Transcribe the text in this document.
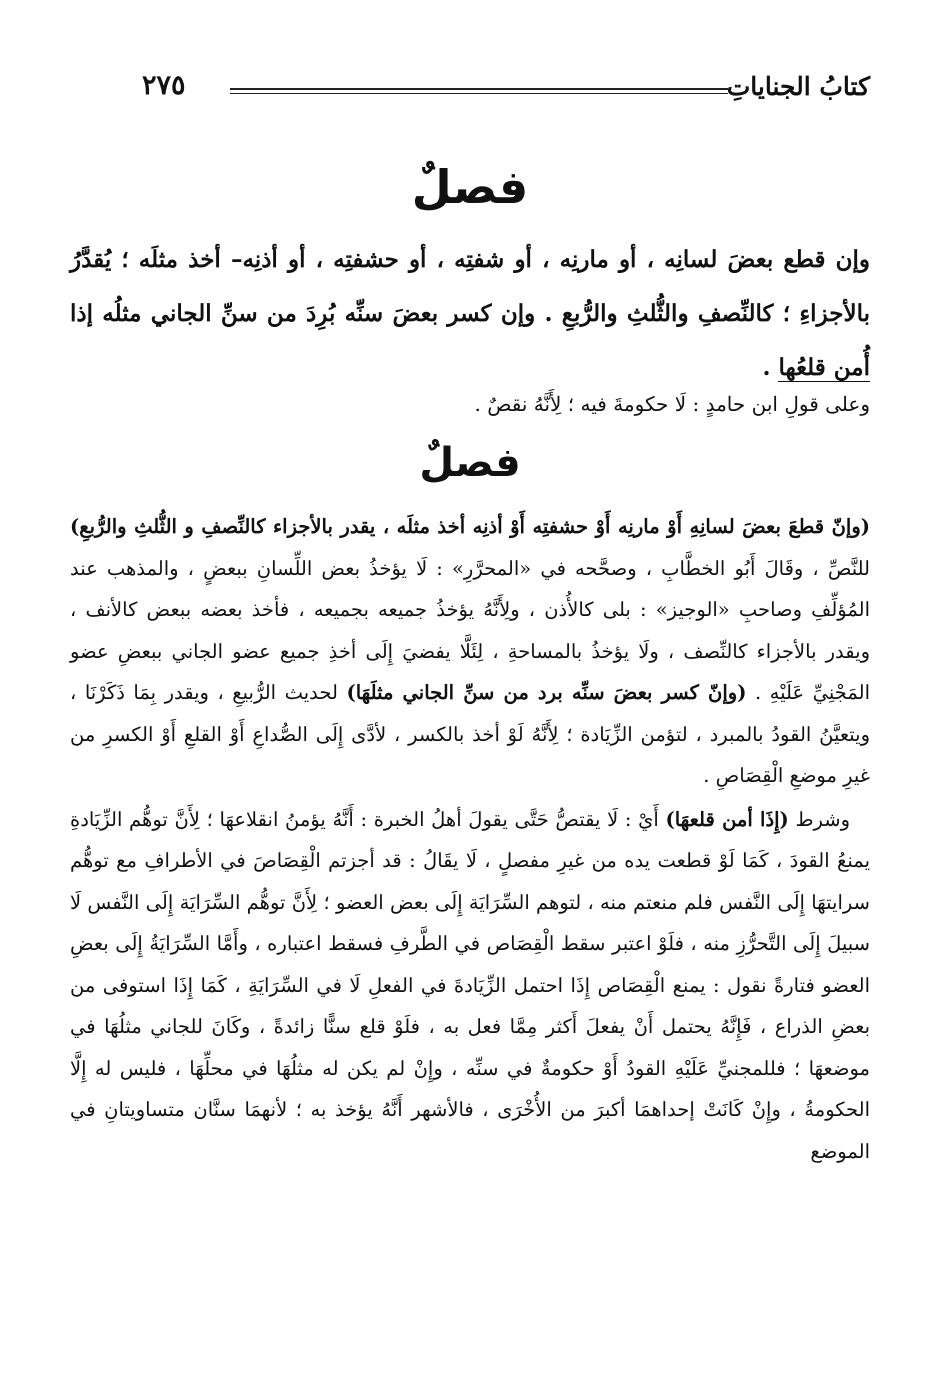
كتابُ الجناياتِ
٢٧٥
فصلٌ
وإن قطع بعضَ لسانِه ، أو مارنِه ، أو شفتِه ، أو حشفتِه ، أو أذنِه– أخذ مثلَه ؛ يُقدَّرُ بالأجزاءِ ؛ كالنِّصفِ والثُّلثِ والرُّبعِ . وإن كسر بعضَ سنِّه بُرِدَ من سنِّ الجاني مثلُه إذا أُمن قلعُها .
وعلى قولِ ابن حامدٍ : لَا حكومةَ فيه ؛ لِأَنَّهُ نقصٌ .
فصلٌ

(وإنّ قطعَ بعضَ لسانِهِ أَوْ مارنِه أَوْ حشفتِه أَوْ أذنِه أخذ مثلَه ، يقدر بالأجزاء كالنِّصفِ و الثُّلثِ والرُّبعِ) للنَّصِّ ، وقَالَ أَبُو الخطَّابِ ، وصحَّحه في «المحرَّرِ» : لَا يؤخذُ بعض اللِّسانِ ببعضٍ ، والمذهب عند المُؤلِّفِ وصاحبِ «الوجيز» : بلى كالأُذن ، ولِأَنَّهُ يؤخذُ جميعه بجميعه ، فأخذ بعضه ببعض كالأنف ، ويقدر بالأجزاء كالنِّصف ، ولَا يؤخذُ بالمساحةِ ، لِئَلَّا يفضيَ إِلَى أخذِ جميع عضو الجاني ببعضِ عضو المَجْنِيِّ عَلَيْهِ . (وإنّ كسر بعضَ سنِّه برد من سنِّ الجاني مثلَهَا) لحديث الرُّبيعِ ، ويقدر بِمَا ذَكَرْنَا ، ويتعيَّنُ القودُ بالمبرد ، لتؤمن الزِّيَادة ؛ لِأَنَّهُ لَوْ أخذ بالكسر ، لأدَّى إِلَى الصُّداعِ أَوْ القلعِ أَوْ الكسرِ من غيرِ موضعِ الْقِصَاصِ .

وشرط (إِذَا أمن قلعهَا) أَيْ : لَا يقتصُّ حَتَّى يقولَ أهلُ الخبرة : أَنَّهُ يؤمنُ انقلاعهَا ؛ لِأَنَّ توهُّم الزِّيَادةِ يمنعُ القودَ ، كَمَا لَوْ قطعت يده من غيرِ مفصلٍ ، لَا يقَالُ : قد أجزتم الْقِصَاصَ في الأطرافِ مع توهُّم سرايتهَا إِلَى النَّفس فلم منعتم منه ، لتوهم السِّرَايَة إِلَى بعض العضو ؛ لِأَنَّ توهُّم السِّرَايَة إِلَى النَّفس لَا سبيلَ إِلَى التَّحرُّزِ منه ، فلَوْ اعتبر سقط الْقِصَاص في الطَّرفِ فسقط اعتباره ، وأَمَّا السِّرَايَةُ إِلَى بعضِ العضو فتارةً نقول : يمنع الْقِصَاص إِذَا احتمل الزِّيَادةَ في الفعلِ لَا في السِّرَايَةِ ، كَمَا إِذَا استوفى من بعضِ الذراع ، فَإِنَّهُ يحتمل أَنْ يفعلَ أَكثر مِمَّا فعل به ، فلَوْ قلع سنًّا زائدةً ، وكَانَ للجاني مثلُهَا في موضعهَا ؛ فللمجنيِّ عَلَيْهِ القودُ أَوْ حكومةٌ في سنِّه ، وإِنْ لم يكن له مثلُهَا في محلِّهَا ، فليس له إِلَّا الحكومةُ ، وإِنْ كَانَتْ إحداهمَا أكبرَ من الأُخْرَى ، فالأشهر أَنَّهُ يؤخذ به ؛ لأنهمَا سنَّان متساويتانِ في الموضع
